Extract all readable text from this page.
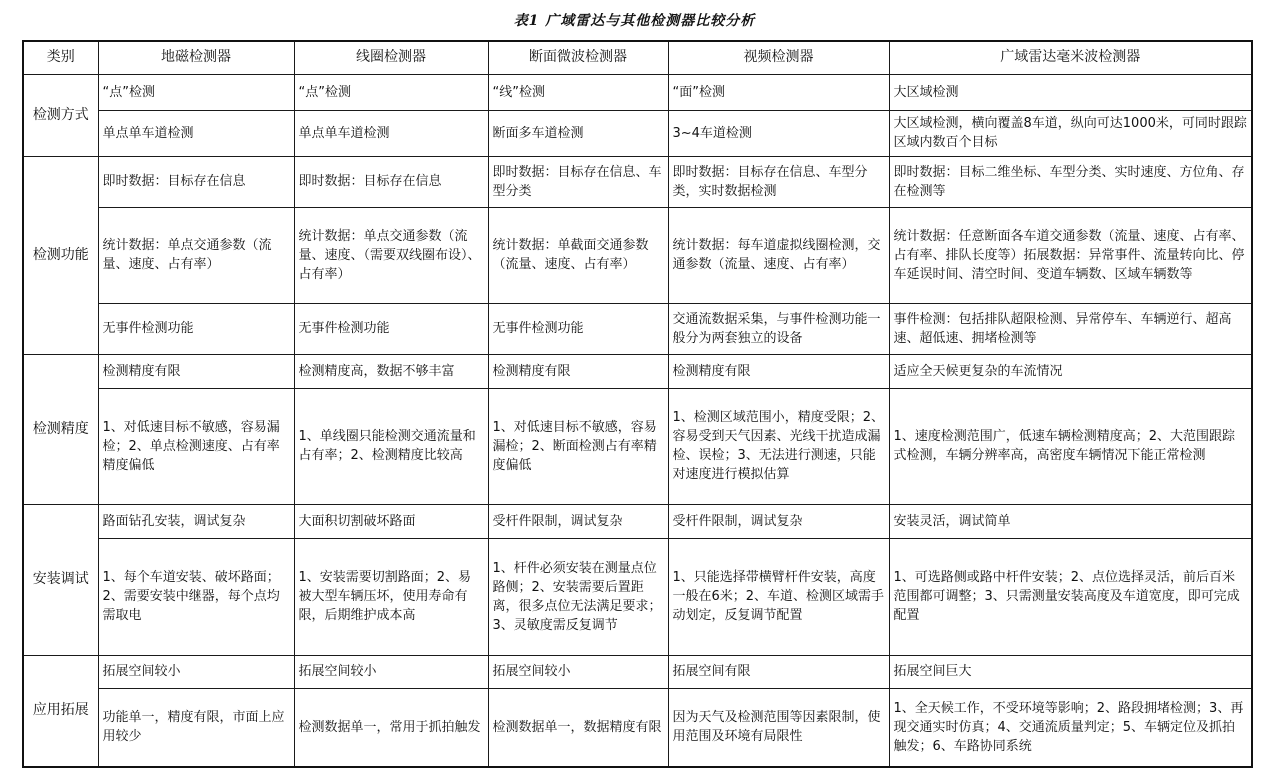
表1 广域雷达与其他检测器比较分析
类别	地磁检测器	线圈检测器	断面微波检测器	视频检测器	广域雷达毫米波检测器
检测方式	“点”检测	“点”检测	“线”检测	“面”检测	大区域检测
	单点单车道检测	单点单车道检测	断面多车道检测	3~4车道检测	大区域检测，横向覆盖8车道，纵向可达1000米，可同时跟踪区域内数百个目标
检测功能	即时数据：目标存在信息	即时数据：目标存在信息	即时数据：目标存在信息、车型分类	即时数据：目标存在信息、车型分类，实时数据检测	即时数据：目标二维坐标、车型分类、实时速度、方位角、存在检测等
	统计数据：单点交通参数（流量、速度、占有率）	统计数据：单点交通参数（流量、速度、（需要双线圈布设）、占有率）	统计数据：单截面交通参数（流量、速度、占有率）	统计数据：每车道虚拟线圈检测，交通参数（流量、速度、占有率）	统计数据：任意断面各车道交通参数（流量、速度、占有率、占有率、排队长度等）拓展数据：异常事件、流量转向比、停车延误时间、清空时间、变道车辆数、区域车辆数等
	无事件检测功能	无事件检测功能	无事件检测功能	交通流数据采集，与事件检测功能一般分为两套独立的设备	事件检测：包括排队超限检测、异常停车、车辆逆行、超高速、超低速、拥堵检测等
检测精度	检测精度有限	检测精度高，数据不够丰富	检测精度有限	检测精度有限	适应全天候更复杂的车流情况
	1、对低速目标不敏感，容易漏检；2、单点检测速度、占有率精度偏低	1、单线圈只能检测交通流量和占有率；2、检测精度比较高	1、对低速目标不敏感，容易漏检；2、断面检测占有率精度偏低	1、检测区域范围小，精度受限；2、容易受到天气因素、光线干扰造成漏检、误检；3、无法进行测速，只能对速度进行模拟估算	1、速度检测范围广，低速车辆检测精度高；2、大范围跟踪式检测，车辆分辨率高，高密度车辆情况下能正常检测
安装调试	路面钻孔安装，调试复杂	大面积切割破坏路面	受杆件限制，调试复杂	受杆件限制，调试复杂	安装灵活，调试简单
	1、每个车道安装、破坏路面；2、需要安装中继器，每个点均需取电	1、安装需要切割路面；2、易被大型车辆压坏，使用寿命有限，后期维护成本高	1、杆件必须安装在测量点位路侧；2、安装需要后置距离，很多点位无法满足要求；3、灵敏度需反复调节	1、只能选择带横臂杆件安装，高度一般在6米；2、车道、检测区域需手动划定，反复调节配置	1、可选路侧或路中杆件安装；2、点位选择灵活，前后百米范围都可调整；3、只需测量安装高度及车道宽度，即可完成配置
应用拓展	拓展空间较小	拓展空间较小	拓展空间较小	拓展空间有限	拓展空间巨大
	功能单一，精度有限，市面上应用较少	检测数据单一，常用于抓拍触发	检测数据单一，数据精度有限	因为天气及检测范围等因素限制，使用范围及环境有局限性	1、全天候工作，不受环境等影响；2、路段拥堵检测；3、再现交通实时仿真；4、交通流质量判定；5、车辆定位及抓拍触发；6、车路协同系统
